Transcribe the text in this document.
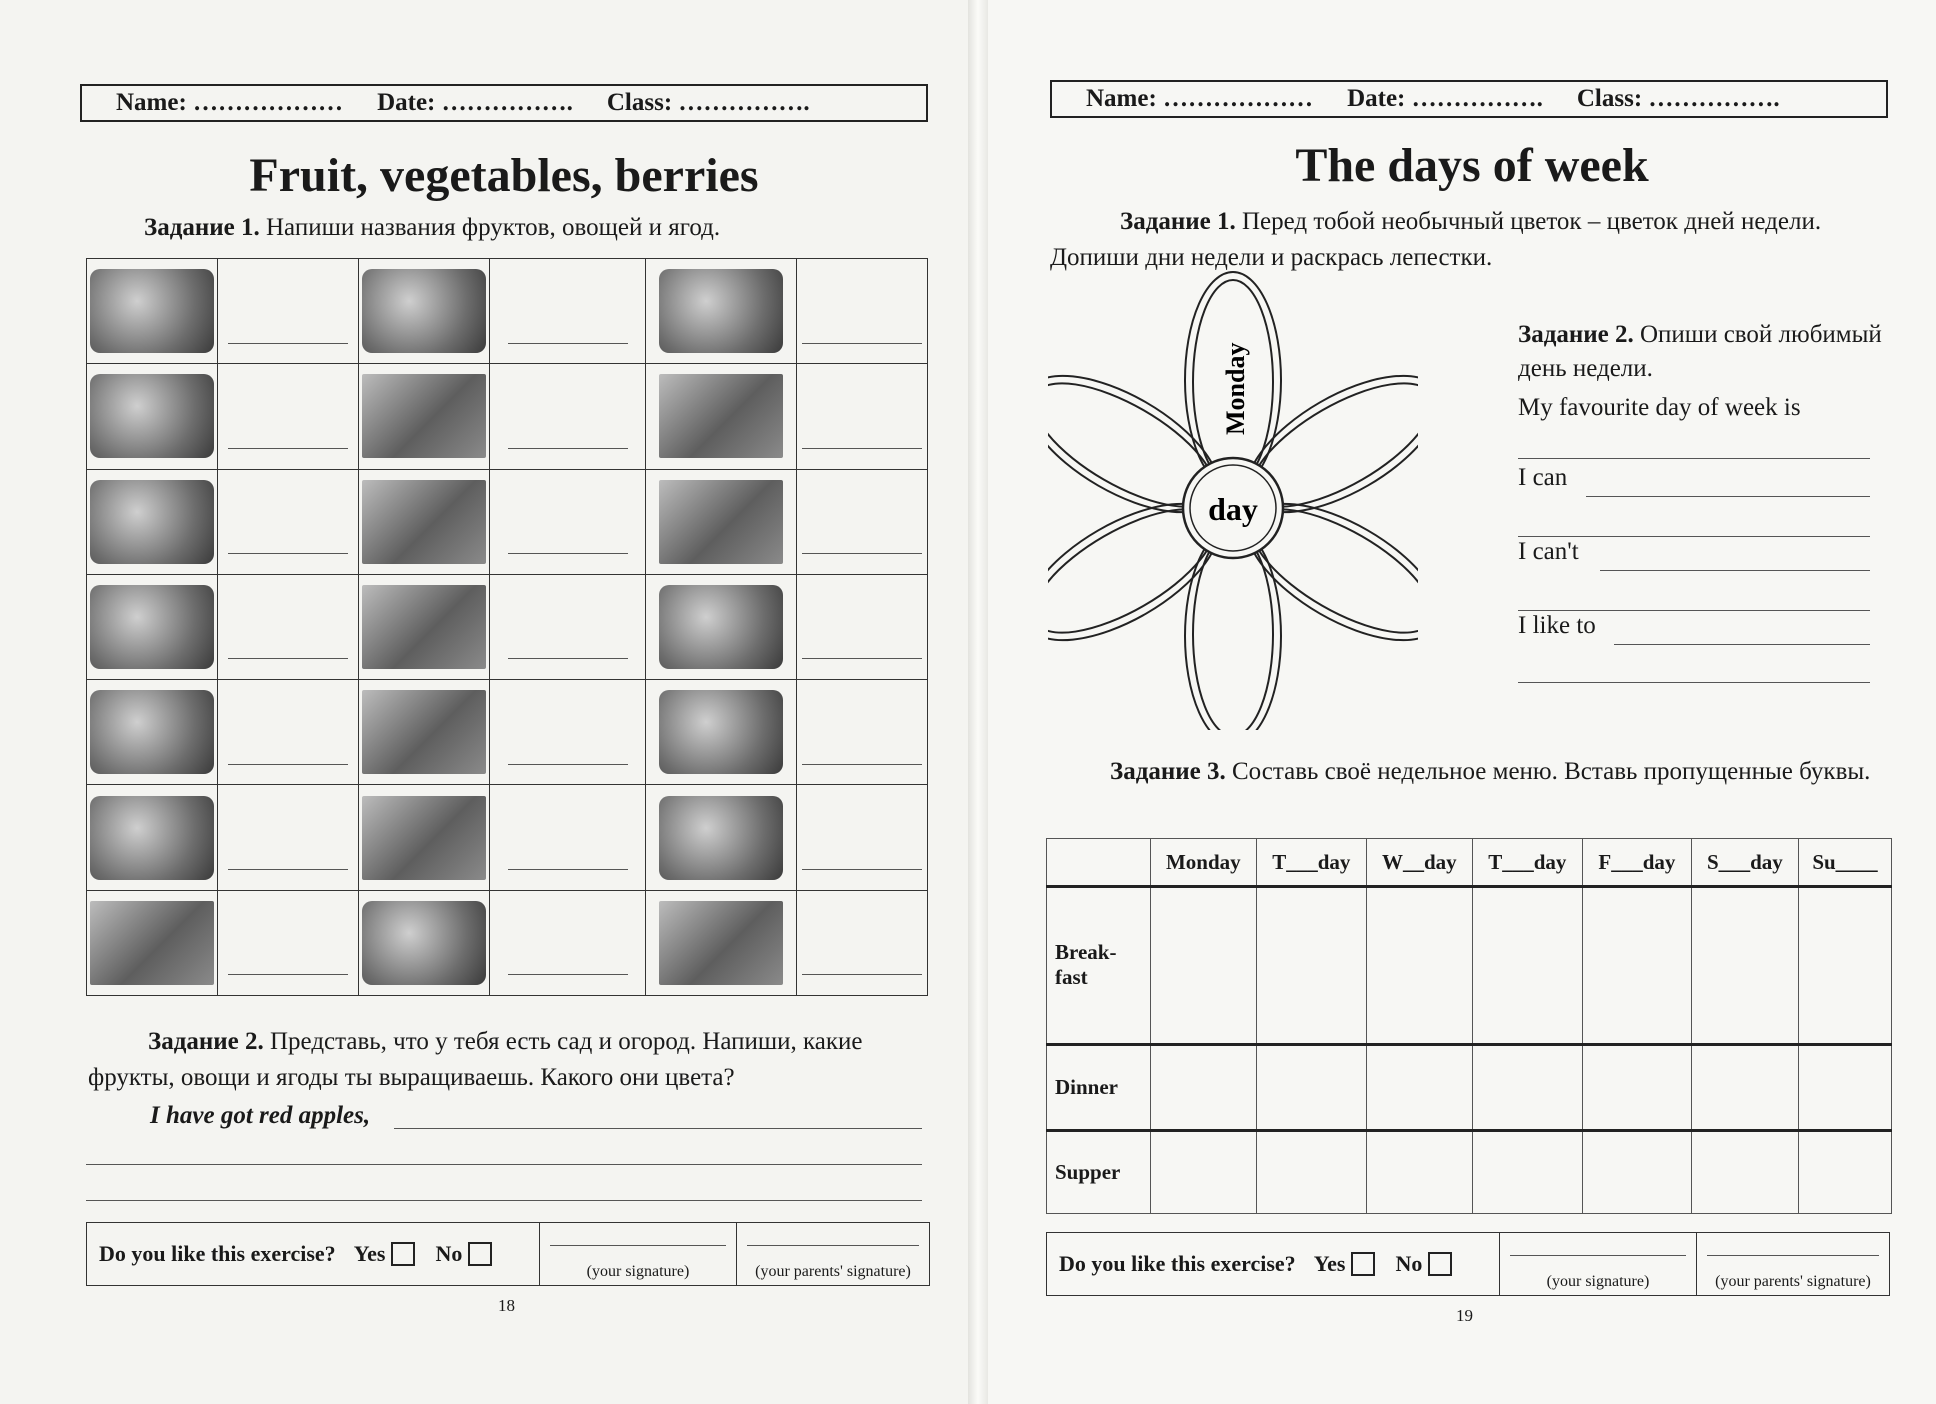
Name: ……………… Date: ……………. Class: …………….
Fruit, vegetables, berries
Задание 1. Напиши названия фруктов, овощей и ягод.

Задание 2. Представь, что у тебя есть сад и огород. Напиши, какие фрукты, овощи и ягоды ты выращиваешь. Какого они цвета?
I have got red apples,
Do you like this exercise? Yes No
(your signature)	(your parents' signature)
18
Name: ……………… Date: ……………. Class: …………….
The days of week
Задание 1. Перед тобой необычный цветок – цветок дней недели. Допиши дни недели и раскрась лепестки.
day
Monday
Задание 2. Опиши свой любимый день недели.
My favourite day of week is
I can
I can't
I like to
Задание 3. Составь своё недельное меню. Вставь пропущенные буквы.
	Monday	T___day	W__day	T___day	F___day	S___day	Su____

Break-fast							

Dinner							
Supper							
Do you like this exercise? Yes No
(your signature)	(your parents' signature)
19
